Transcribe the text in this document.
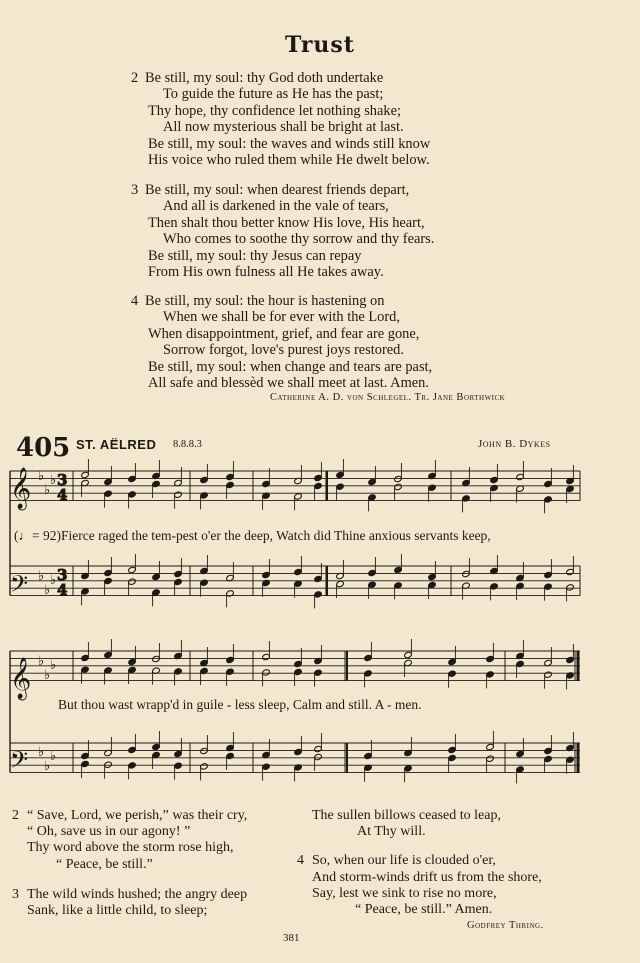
Trust
2 Be still, my soul: thy God doth undertake
To guide the future as He has the past;
Thy hope, thy confidence let nothing shake;
All now mysterious shall be bright at last.
Be still, my soul: the waves and winds still know
His voice who ruled them while He dwelt below.
3 Be still, my soul: when dearest friends depart,
And all is darkened in the vale of tears,
Then shalt thou better know His love, His heart,
Who comes to soothe thy sorrow and thy fears.
Be still, my soul: thy Jesus can repay
From His own fulness all He takes away.
4 Be still, my soul: the hour is hastening on
When we shall be for ever with the Lord,
When disappointment, grief, and fear are gone,
Sorrow forgot, love's purest joys restored.
Be still, my soul: when change and tears are past,
All safe and blessèd we shall meet at last. Amen.
Catherine A. D. von Schlegel. Tr. Jane Borthwick
405 ST. AËLRED 8.8.8.3	John B. Dykes
3
4
3
4
𝄞
𝄢
𝄞
𝄢
♭
♭
♭
♭
♭
♭
♭
♭
♭
♭
♭
♭
(♩= 92)Fierce raged the tem-pest o'er the deep, Watch did Thine anxious servants keep,
But thou wast wrapp'd in guile - less sleep, Calm and still. A - men.
2 “ Save, Lord, we perish,” was their cry,
“ Oh, save us in our agony! ”
Thy word above the storm rose high,
“ Peace, be still.”
3 The wild winds hushed; the angry deep
Sank, like a little child, to sleep;
The sullen billows ceased to leap,
At Thy will.
4 So, when our life is clouded o'er,
And storm-winds drift us from the shore,
Say, lest we sink to rise no more,
“ Peace, be still.” Amen.
Godfrey Thring.
381
